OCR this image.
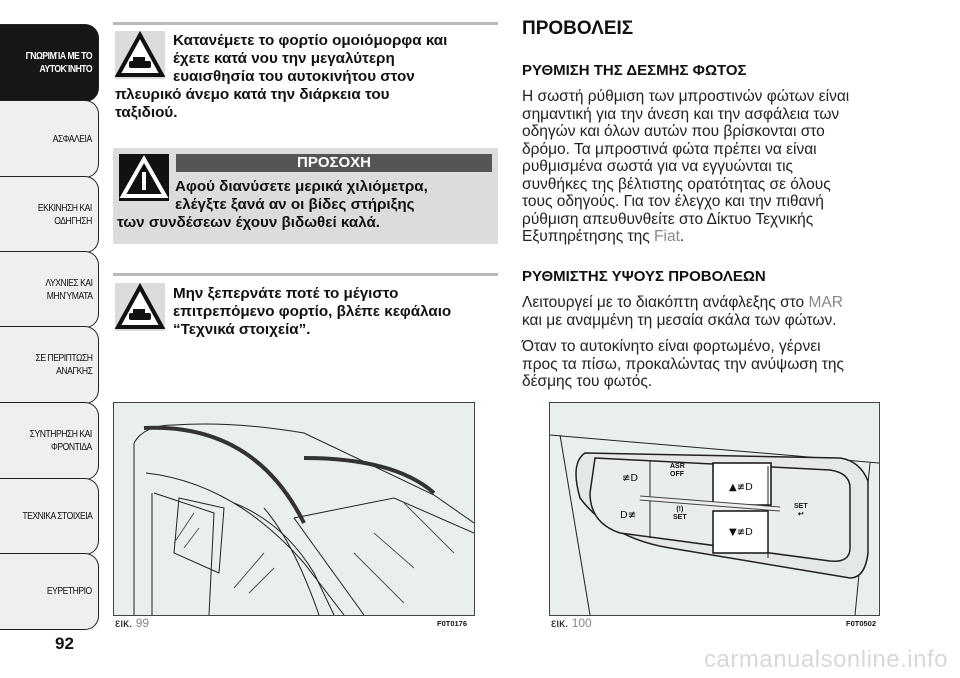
ΓΝΩΡΙΜΊΑ ΜΕ ΤΟ
ΑΥΤΟΚΊΝΗΤΟ
ΑΣΦΑΛΕΙΑ
ΕΚΚΙΝΗΣΗ ΚΑΙ
ΟΔΗΓΗΣΗ
ΛΥΧΝΙΕΣ ΚΑΙ
ΜΗΝΎΜΑΤΑ
ΣΕ ΠΕΡΙΠΤΩΣΗ
ΑΝΑΓΚΗΣ
ΣΥΝΤΗΡΗΣΗ ΚΑΙ
ΦΡΟΝΤΙΔΑ
ΤΕΧΝΙΚΑ ΣΤΟΙΧΕΙΑ
ΕΥΡΕΤΗΡΙΟ
92
Κατανέμετε το φορτίο ομοιόμορφα και
έχετε κατά νου την μεγαλύτερη
ευαισθησία του αυτοκινήτου στον
πλευρικό άνεμο κατά την διάρκεια του
ταξιδιού.
ΠΡΟΣΟΧΗ
Αφού διανύσετε μερικά χιλιόμετρα,
ελέγξτε ξανά αν οι βίδες στήριξης
των συνδέσεων έχουν βιδωθεί καλά.
Μην ξεπερνάτε ποτέ το μέγιστο
επιτρεπόμενο φορτίο, βλέπε κεφάλαιο
“Τεχνικά στοιχεία”.
εικ. 99	F0T0176
ΠΡΟΒΟΛΕΙΣ
ΡΥΘΜΙΣΗ ΤΗΣ ΔΕΣΜΗΣ ΦΩΤΟΣ
Η σωστή ρύθμιση των μπροστινών φώτων είναι
σημαντική για την άνεση και την ασφάλεια των
οδηγών και όλων αυτών που βρίσκονται στο
δρόμο. Τα μπροστινά φώτα πρέπει να είναι
ρυθμισμένα σωστά για να εγγυώνται τις
συνθήκες της βέλτιστης ορατότητας σε όλους
τους οδηγούς. Για τον έλεγχο και την πιθανή
ρύθμιση απευθυνθείτε στο Δίκτυο Τεχνικής
Εξυπηρέτησης της Fiat.
ΡΥΘΜΙΣΤΗΣ ΥΨΟΥΣ ΠΡΟΒΟΛΕΩΝ
Λειτουργεί με το διακόπτη ανάφλεξης στο MAR
και με αναμμένη τη μεσαία σκάλα των φώτων.
Όταν το αυτοκίνητο είναι φορτωμένο, γέρνει
προς τα πίσω, προκαλώντας την ανύψωση της
δέσμης του φωτός.
≢D
D≢
▲≢D
▼≢D
ASR
OFF
(!)
SET
SET
↩
εικ. 100	F0T0502
carmanualsonline.info
